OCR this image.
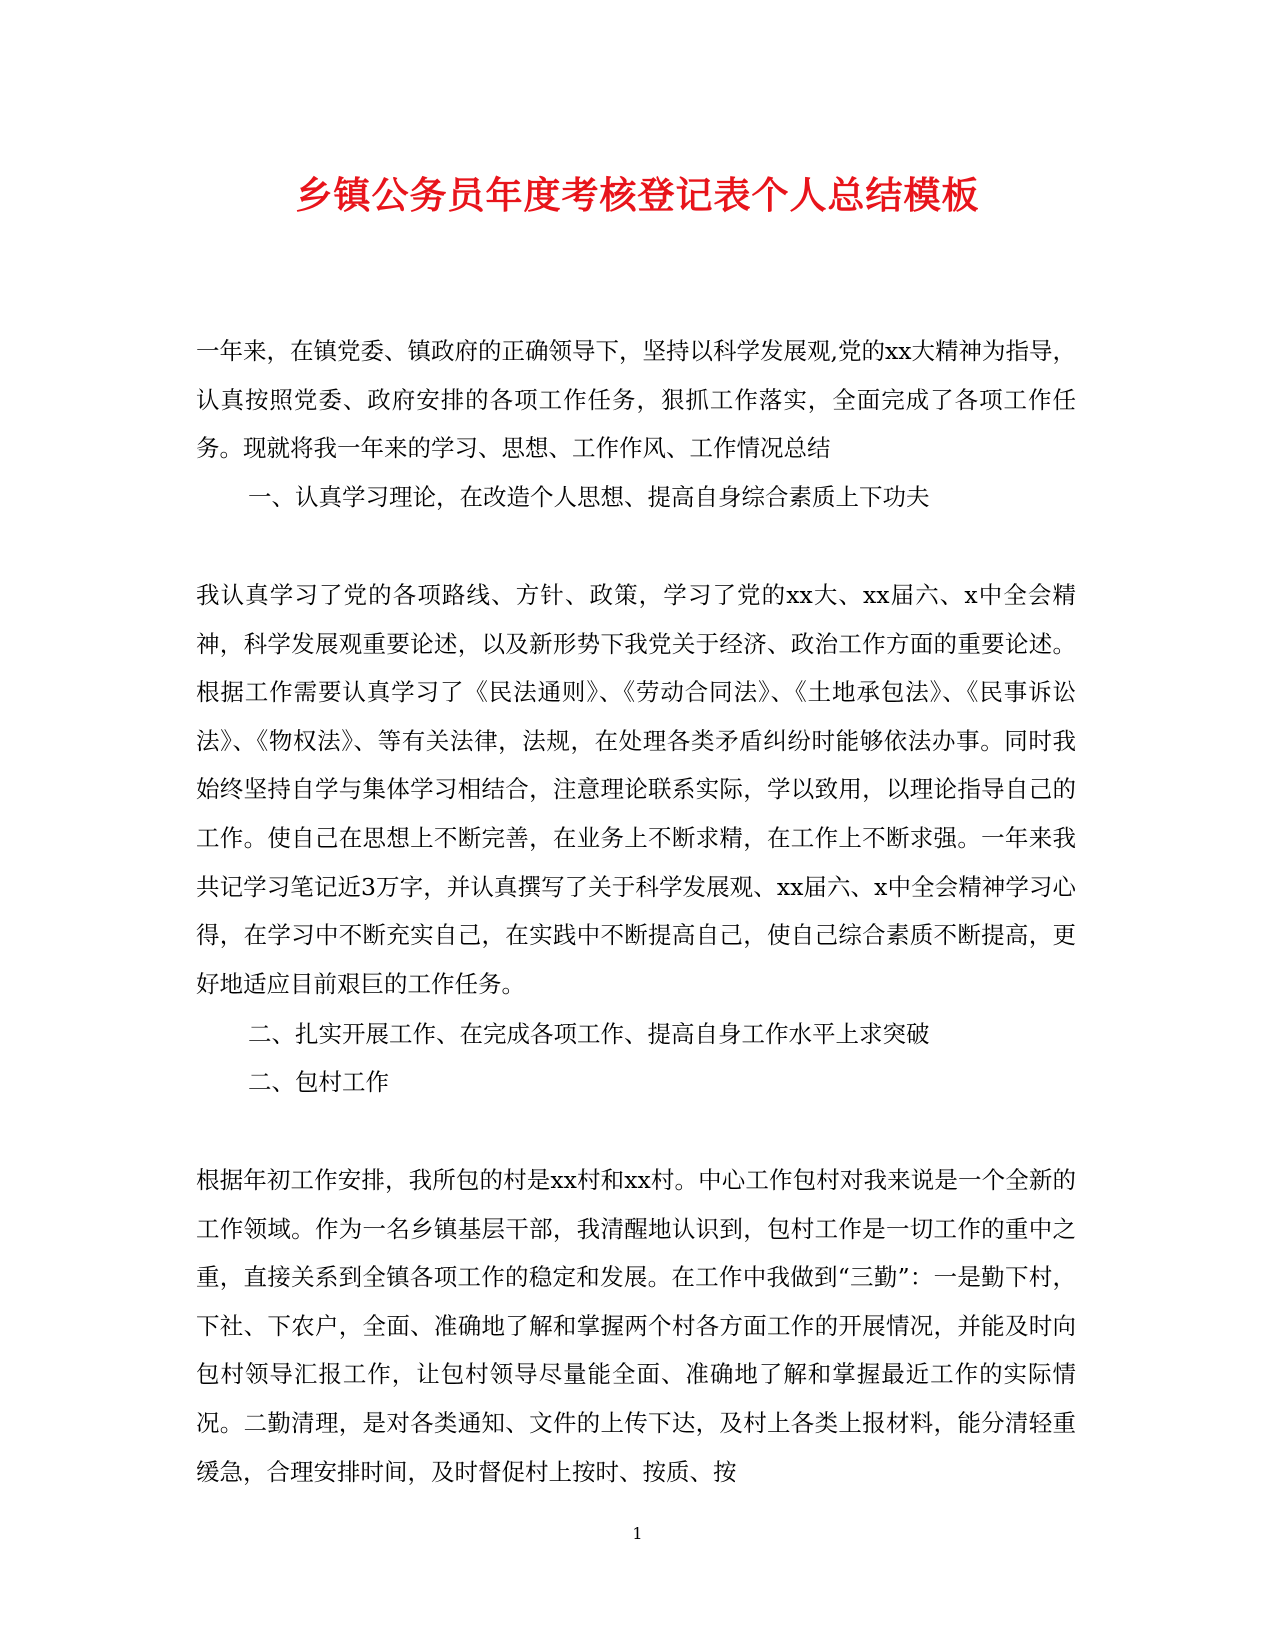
乡镇公务员年度考核登记表个人总结模板
一年来，在镇党委、镇政府的正确领导下，坚持以科学发展观,党的xx大精神为指导，认真按照党委、政府安排的各项工作任务，狠抓工作落实，全面完成了各项工作任务。现就将我一年来的学习、思想、工作作风、工作情况总结
一、认真学习理论，在改造个人思想、提高自身综合素质上下功夫
我认真学习了党的各项路线、方针、政策，学习了党的xx大、xx届六、x中全会精神，科学发展观重要论述，以及新形势下我党关于经济、政治工作方面的重要论述。根据工作需要认真学习了《民法通则》、《劳动合同法》、《土地承包法》、《民事诉讼法》、《物权法》、等有关法律，法规，在处理各类矛盾纠纷时能够依法办事。同时我始终坚持自学与集体学习相结合，注意理论联系实际，学以致用，以理论指导自己的工作。使自己在思想上不断完善，在业务上不断求精，在工作上不断求强。一年来我共记学习笔记近3万字，并认真撰写了关于科学发展观、xx届六、x中全会精神学习心得，在学习中不断充实自己，在实践中不断提高自己，使自己综合素质不断提高，更好地适应目前艰巨的工作任务。
二、扎实开展工作、在完成各项工作、提高自身工作水平上求突破
二、包村工作
根据年初工作安排，我所包的村是xx村和xx村。中心工作包村对我来说是一个全新的工作领域。作为一名乡镇基层干部，我清醒地认识到，包村工作是一切工作的重中之重，直接关系到全镇各项工作的稳定和发展。在工作中我做到“三勤”：一是勤下村，下社、下农户，全面、准确地了解和掌握两个村各方面工作的开展情况，并能及时向包村领导汇报工作，让包村领导尽量能全面、准确地了解和掌握最近工作的实际情况。二勤清理，是对各类通知、文件的上传下达，及村上各类上报材料，能分清轻重缓急，合理安排时间，及时督促村上按时、按质、按
1
